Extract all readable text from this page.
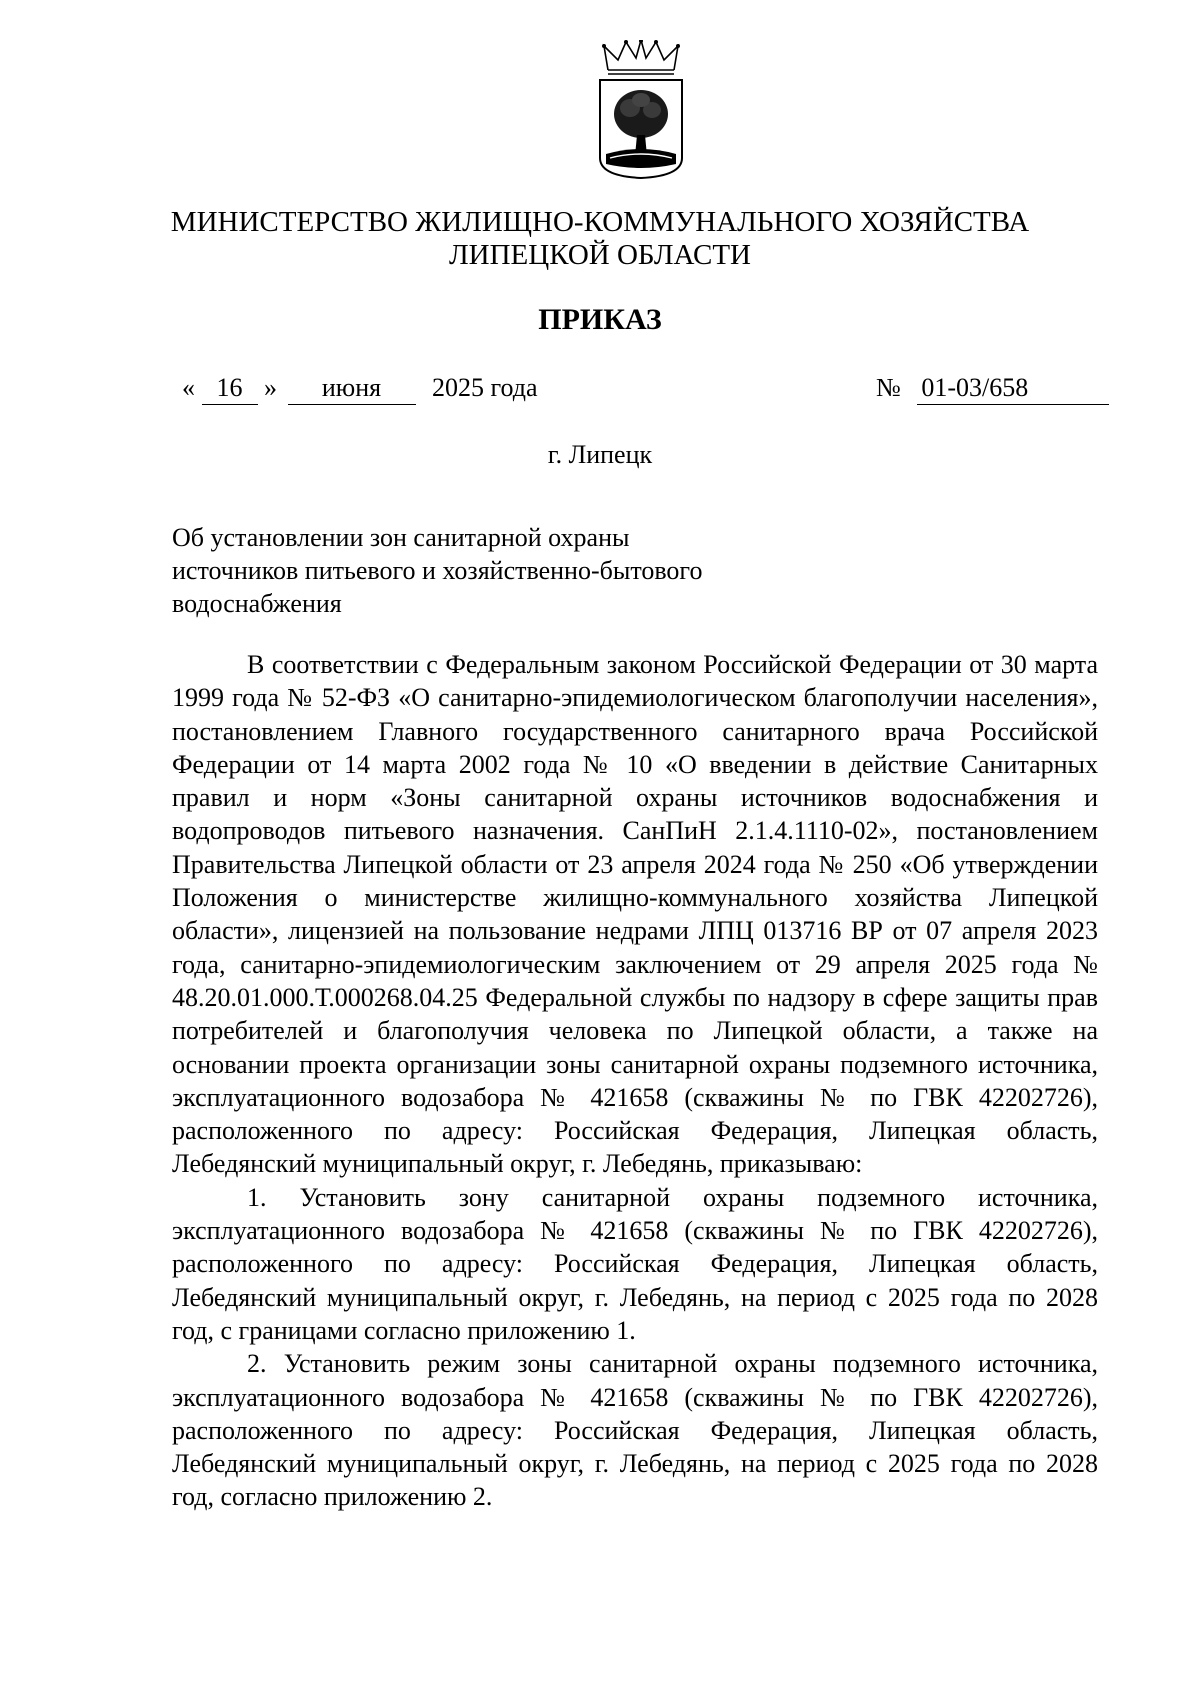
МИНИСТЕРСТВО ЖИЛИЩНО-КОММУНАЛЬНОГО ХОЗЯЙСТВА
ЛИПЕЦКОЙ ОБЛАСТИ
ПРИКАЗ
« 16 » июня 2025 года	№ 01-03/658
г. Липецк
Об установлении зон санитарной охраны
источников питьевого и хозяйственно-бытового
водоснабжения

В соответствии с Федеральным законом Российской Федерации от 30 марта 1999 года № 52-ФЗ «О санитарно-эпидемиологическом благополучии населения», постановлением Главного государственного санитарного врача Российской Федерации от 14 марта 2002 года № 10 «О введении в действие Санитарных правил и норм «Зоны санитарной охраны источников водоснабжения и водопроводов питьевого назначения. СанПиН 2.1.4.1110-02», постановлением Правительства Липецкой области от 23 апреля 2024 года № 250 «Об утверждении Положения о министерстве жилищно-коммунального хозяйства Липецкой области», лицензией на пользование недрами ЛПЦ 013716 ВР от 07 апреля 2023 года, санитарно-эпидемиологическим заключением от 29 апреля 2025 года № 48.20.01.000.Т.000268.04.25 Федеральной службы по надзору в сфере защиты прав потребителей и благополучия человека по Липецкой области, а также на основании проекта организации зоны санитарной охраны подземного источника, эксплуатационного водозабора № 421658 (скважины № по ГВК 42202726), расположенного по адресу: Российская Федерация, Липецкая область, Лебедянский муниципальный округ, г. Лебедянь, приказываю:

1. Установить зону санитарной охраны подземного источника, эксплуатационного водозабора № 421658 (скважины № по ГВК 42202726), расположенного по адресу: Российская Федерация, Липецкая область, Лебедянский муниципальный округ, г. Лебедянь, на период с 2025 года по 2028 год, с границами согласно приложению 1.

2. Установить режим зоны санитарной охраны подземного источника, эксплуатационного водозабора № 421658 (скважины № по ГВК 42202726), расположенного по адресу: Российская Федерация, Липецкая область, Лебедянский муниципальный округ, г. Лебедянь, на период с 2025 года по 2028 год, согласно приложению 2.
